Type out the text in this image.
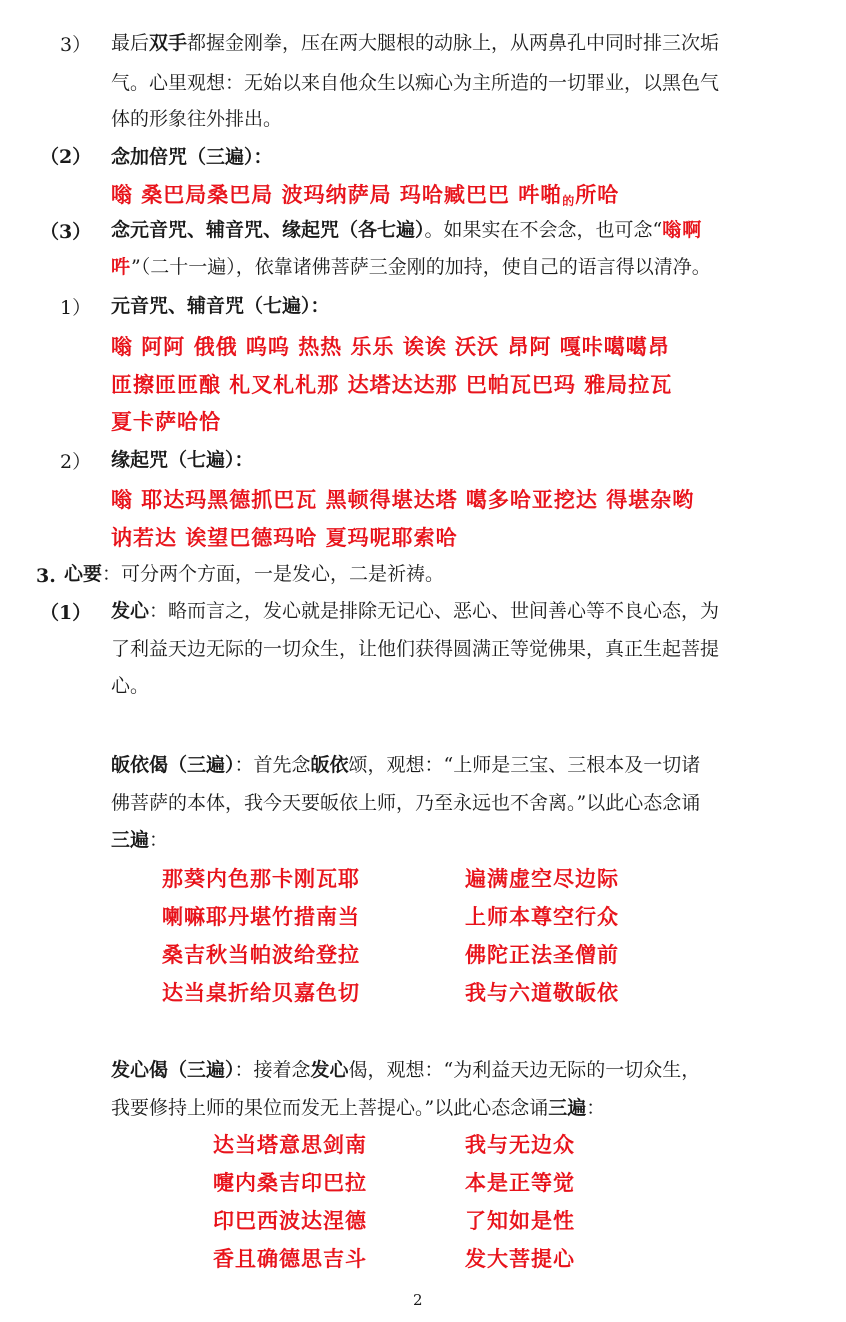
3） 最后双手都握金刚拳，压在两大腿根的动脉上，从两鼻孔中同时排三次垢
气。心里观想：无始以来自他众生以痴心为主所造的一切罪业，以黑色气
体的形象往外排出。
（2） 念加倍咒（三遍）：
嗡 桑巴局桑巴局 波玛纳萨局 玛哈臧巴巴 吽啪的所哈
（3） 念元音咒、辅音咒、缘起咒（各七遍）。如果实在不会念，也可念“嗡啊
吽”（二十一遍），依靠诸佛菩萨三金刚的加持，使自己的语言得以清净。
1） 元音咒、辅音咒（七遍）：
嗡 阿阿 俄俄 呜呜 热热 乐乐 诶诶 沃沃 昂阿 嘎咔噶噶昂
匝擦匝匝酿 札叉札札那 达塔达达那 巴帕瓦巴玛 雅局拉瓦
夏卡萨哈恰
2） 缘起咒（七遍）：
嗡 耶达玛黑德抓巴瓦 黑顿得堪达塔 噶多哈亚挖达 得堪杂哟
讷若达 诶望巴德玛哈 夏玛呢耶索哈
3. 心要：可分两个方面，一是发心，二是祈祷。
（1） 发心：略而言之，发心就是排除无记心、恶心、世间善心等不良心态，为
了利益天边无际的一切众生，让他们获得圆满正等觉佛果，真正生起菩提
心。
皈依偈（三遍）：首先念皈依颂，观想：“上师是三宝、三根本及一切诸
佛菩萨的本体，我今天要皈依上师，乃至永远也不舍离。”以此心态念诵
三遍：
那葵内色那卡刚瓦耶
喇嘛耶丹堪竹措南当
桑吉秋当帕波给登拉
达当桌折给贝嘉色切
遍满虚空尽边际
上师本尊空行众
佛陀正法圣僧前
我与六道敬皈依
发心偈（三遍）：接着念发心偈，观想：“为利益天边无际的一切众生，
我要修持上师的果位而发无上菩提心。”以此心态念诵三遍：
达当塔意思剑南
嚏内桑吉印巴拉
印巴西波达涅德
香且确德思吉斗
我与无边众
本是正等觉
了知如是性
发大菩提心
2
